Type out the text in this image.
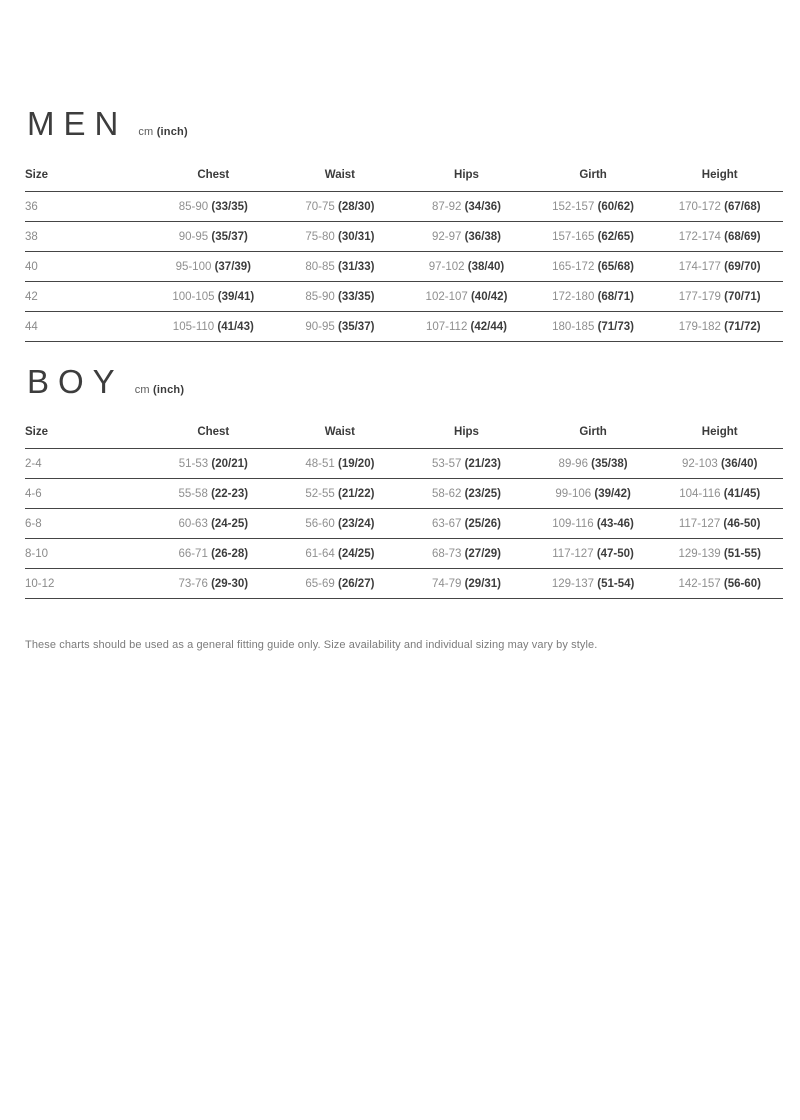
MEN cm (inch)
Size	Chest	Waist	Hips	Girth	Height
36	85-90 (33/35)	70-75 (28/30)	87-92 (34/36)	152-157 (60/62)	170-172 (67/68)
38	90-95 (35/37)	75-80 (30/31)	92-97 (36/38)	157-165 (62/65)	172-174 (68/69)
40	95-100 (37/39)	80-85 (31/33)	97-102 (38/40)	165-172 (65/68)	174-177 (69/70)
42	100-105 (39/41)	85-90 (33/35)	102-107 (40/42)	172-180 (68/71)	177-179 (70/71)
44	105-110 (41/43)	90-95 (35/37)	107-112 (42/44)	180-185 (71/73)	179-182 (71/72)
BOY cm (inch)
Size	Chest	Waist	Hips	Girth	Height
2-4	51-53 (20/21)	48-51 (19/20)	53-57 (21/23)	89-96 (35/38)	92-103 (36/40)
4-6	55-58 (22-23)	52-55 (21/22)	58-62 (23/25)	99-106 (39/42)	104-116 (41/45)
6-8	60-63 (24-25)	56-60 (23/24)	63-67 (25/26)	109-116 (43-46)	117-127 (46-50)
8-10	66-71 (26-28)	61-64 (24/25)	68-73 (27/29)	117-127 (47-50)	129-139 (51-55)
10-12	73-76 (29-30)	65-69 (26/27)	74-79 (29/31)	129-137 (51-54)	142-157 (56-60)

These charts should be used as a general fitting guide only. Size availability and individual sizing may vary by style.
